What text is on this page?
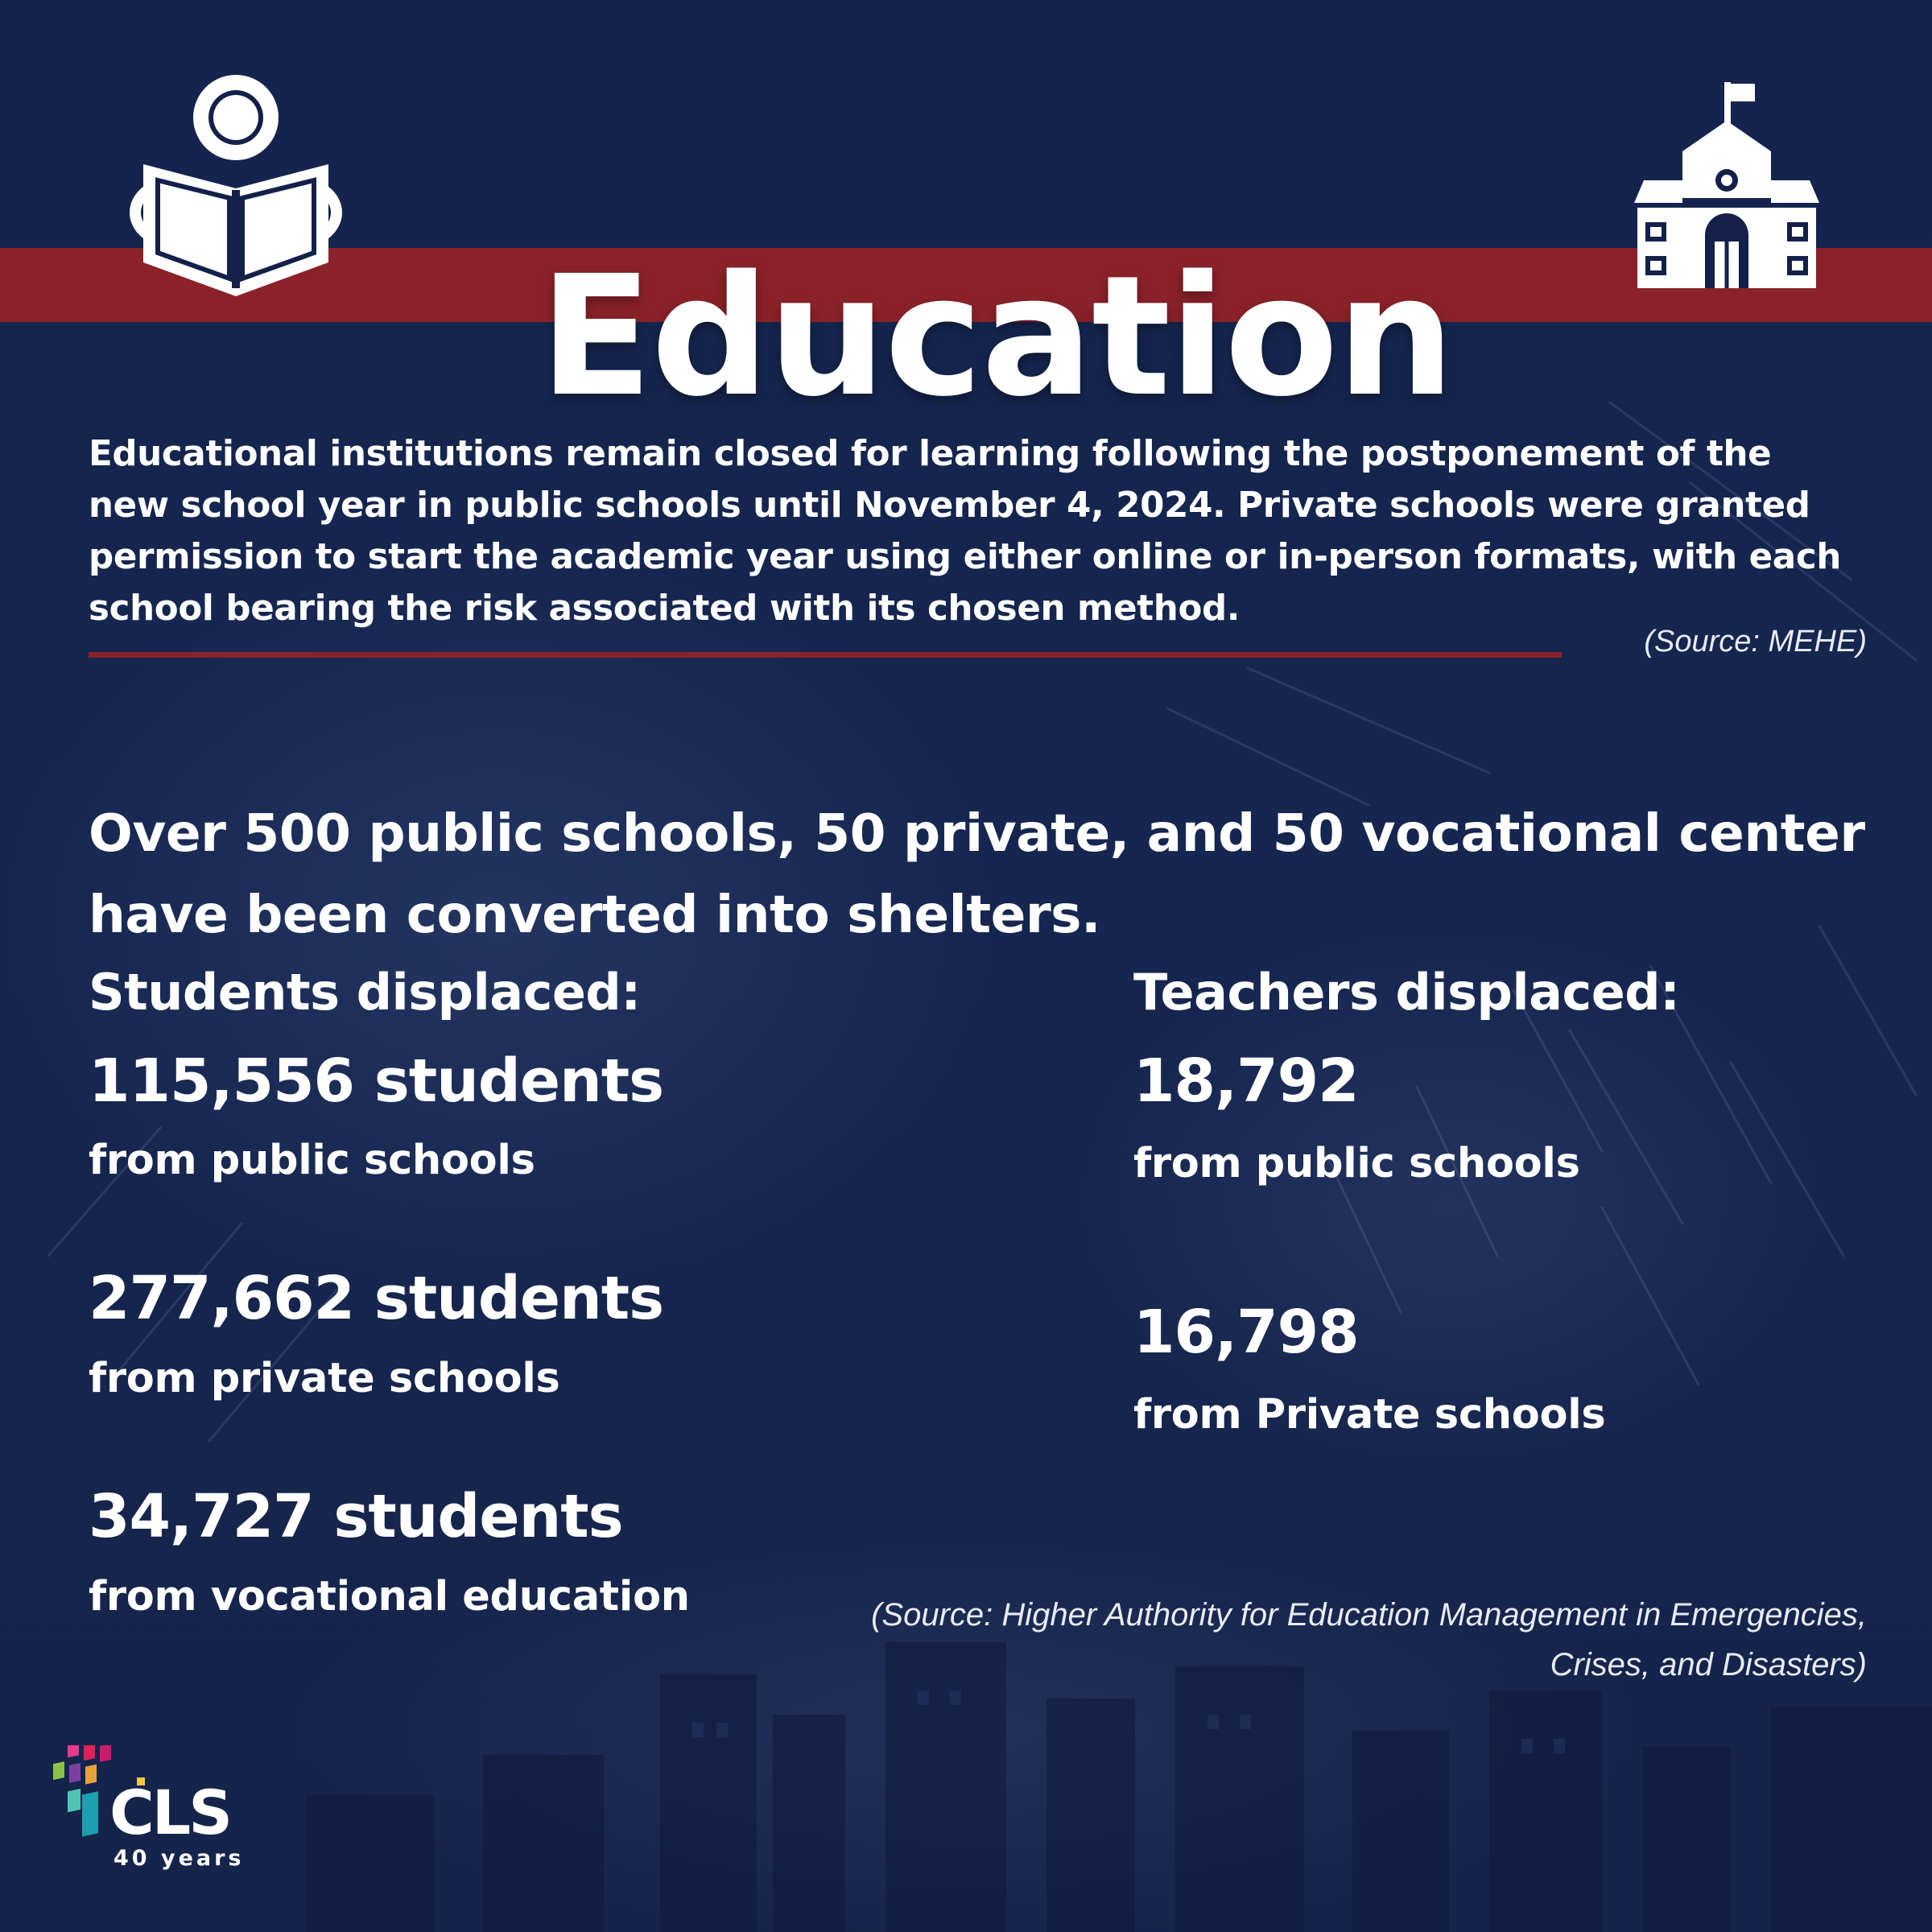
Education

Educational institutions remain closed for learning following the postponement of the new school year in public schools until November 4, 2024. Private schools were granted permission to start the academic year using either online or in-person formats, with each school bearing the risk associated with its chosen method.

(Source: MEHE)

Over 500 public schools, 50 private, and 50 vocational center have been converted into shelters.

Students displaced:
115,556 students
from public schools
277,662 students
from private schools
34,727 students
from vocational education
Teachers displaced:
18,792
from public schools
16,798
from Private schools
(Source: Higher Authority for Education Management in Emergencies, Crises, and Disasters)
CLS
40 years
